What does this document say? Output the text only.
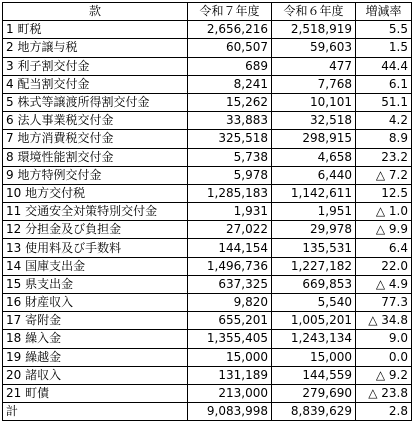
款	令和７年度	令和６年度	増減率
1 町税	2,656,216	2,518,919	5.5
2 地方譲与税	60,507	59,603	1.5
3 利子割交付金	689	477	44.4
4 配当割交付金	8,241	7,768	6.1
5 株式等譲渡所得割交付金	15,262	10,101	51.1
6 法人事業税交付金	33,883	32,518	4.2
7 地方消費税交付金	325,518	298,915	8.9
8 環境性能割交付金	5,738	4,658	23.2
9 地方特例交付金	5,978	6,440	△ 7.2
10 地方交付税	1,285,183	1,142,611	12.5
11 交通安全対策特別交付金	1,931	1,951	△ 1.0
12 分担金及び負担金	27,022	29,978	△ 9.9
13 使用料及び手数料	144,154	135,531	6.4
14 国庫支出金	1,496,736	1,227,182	22.0
15 県支出金	637,325	669,853	△ 4.9
16 財産収入	9,820	5,540	77.3
17 寄附金	655,201	1,005,201	△ 34.8
18 繰入金	1,355,405	1,243,134	9.0
19 繰越金	15,000	15,000	0.0
20 諸収入	131,189	144,559	△ 9.2
21 町債	213,000	279,690	△ 23.8
計	9,083,998	8,839,629	2.8
